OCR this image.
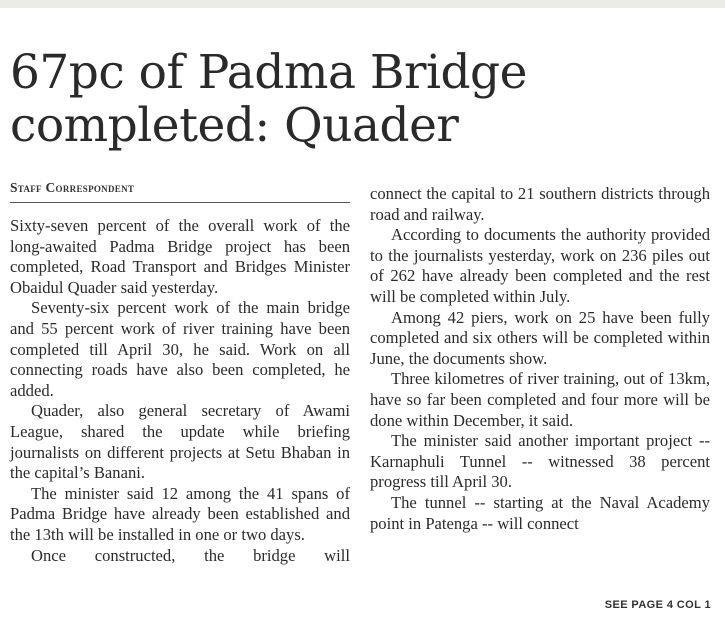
67pc of Padma Bridge completed: Quader
Staff Correspondent

Sixty-seven percent of the overall work of the long-awaited Padma Bridge project has been completed, Road Transport and Bridges Minister Obaidul Quader said yesterday.

Seventy-six percent work of the main bridge and 55 percent work of river training have been completed till April 30, he said. Work on all connecting roads have also been completed, he added.

Quader, also general secretary of Awami League, shared the update while briefing journalists on different projects at Setu Bhaban in the capital’s Banani.

The minister said 12 among the 41 spans of Padma Bridge have already been established and the 13th will be installed in one or two days.

Once constructed, the bridge will

connect the capital to 21 southern districts through road and railway.

According to documents the authority provided to the journalists yesterday, work on 236 piles out of 262 have already been completed and the rest will be completed within July.

Among 42 piers, work on 25 have been fully completed and six others will be completed within June, the documents show.

Three kilometres of river training, out of 13km, have so far been completed and four more will be done within December, it said.

The minister said another important project -- Karnaphuli Tunnel -- witnessed 38 percent progress till April 30.

The tunnel -- starting at the Naval Academy point in Patenga -- will connect

SEE PAGE 4 COL 1
